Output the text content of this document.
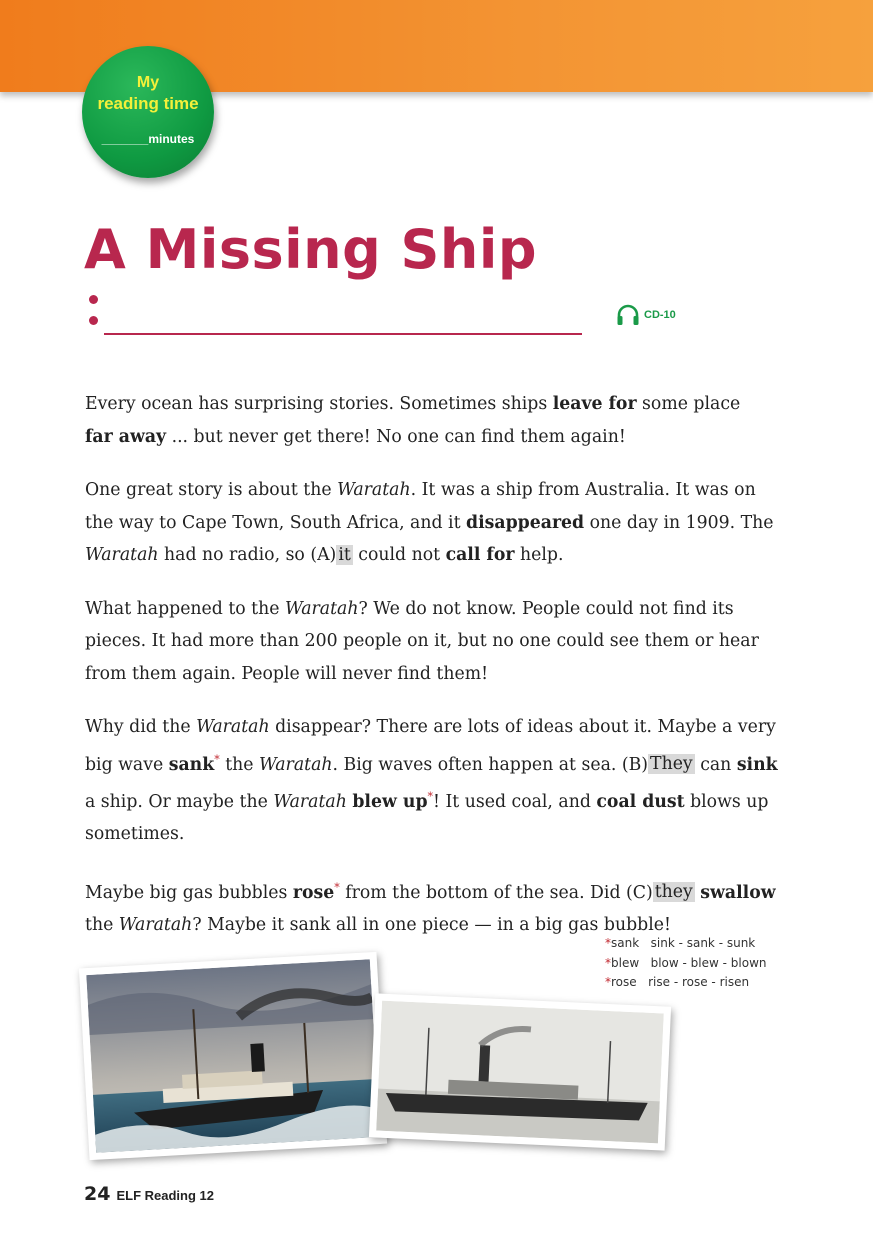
My
reading time
_______minutes
A Missing Ship
CD-10

Every ocean has surprising stories. Sometimes ships leave for some place
far away ... but never get there! No one can find them again!

One great story is about the Waratah. It was a ship from Australia. It was on the way to Cape Town, South Africa, and it disappeared one day in 1909. The Waratah had no radio, so (A) it could not call for help.

What happened to the Waratah? We do not know. People could not find its pieces. It had more than 200 people on it, but no one could see them or hear from them again. People will never find them!

Why did the Waratah disappear? There are lots of ideas about it. Maybe a very big wave sank* the Waratah. Big waves often happen at sea. (B) They can sink a ship. Or maybe the Waratah blew up*! It used coal, and coal dust blows up sometimes.

Maybe big gas bubbles rose* from the bottom of the sea. Did (C) they swallow the Waratah? Maybe it sank all in one piece — in a big gas bubble!

*sank sink - sank - sunk
*blew blow - blew - blown
*rose rise - rose - risen
24 ELF Reading 12
